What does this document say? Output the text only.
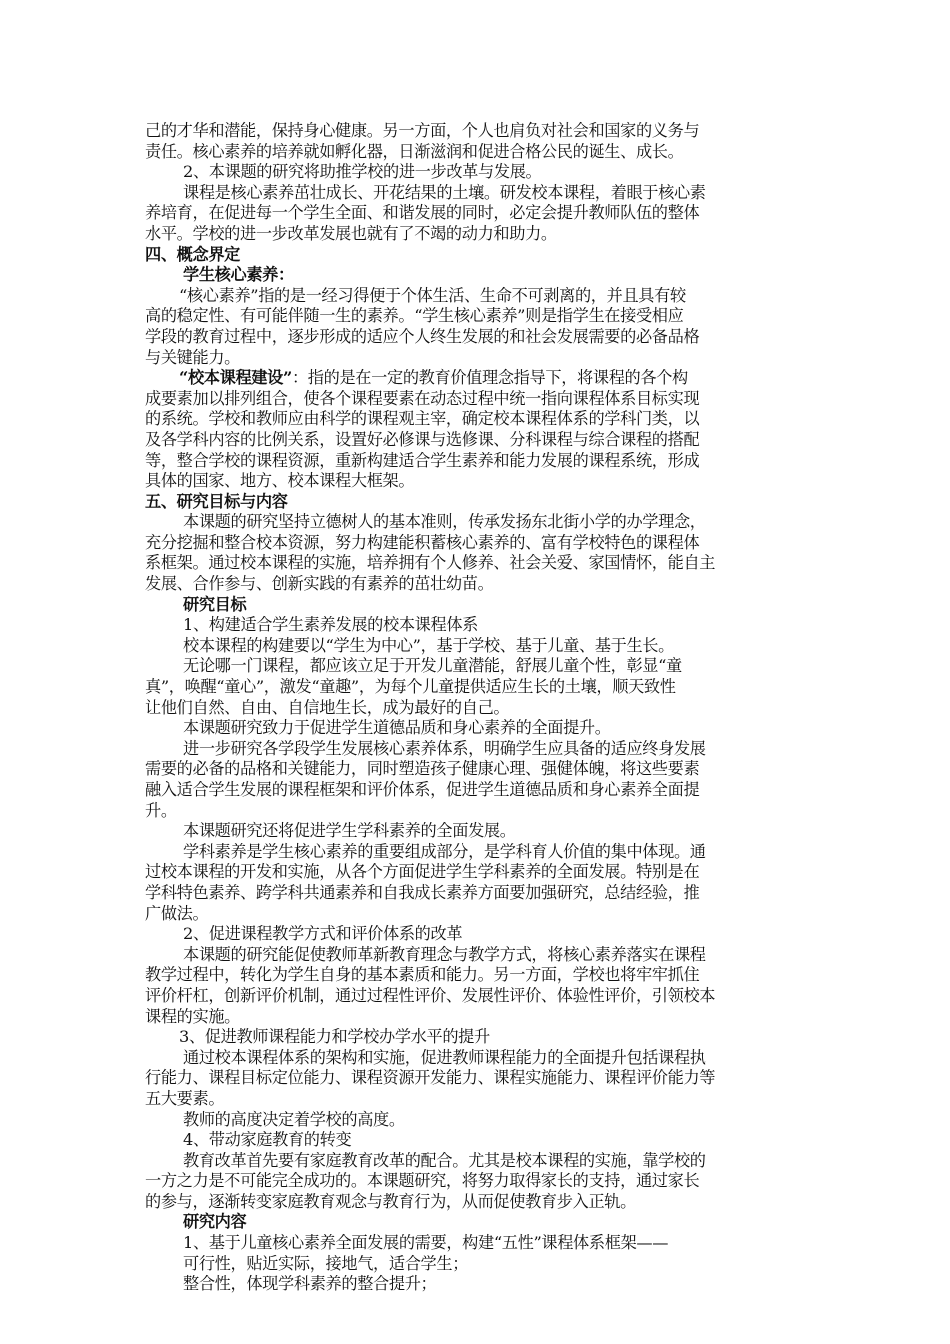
己的才华和潜能，保持身心健康。另一方面，个人也肩负对社会和国家的义务与
责任。核心素养的培养就如孵化器，日渐滋润和促进合格公民的诞生、成长。
2、本课题的研究将助推学校的进一步改革与发展。
课程是核心素养茁壮成长、开花结果的土壤。研发校本课程，着眼于核心素
养培育，在促进每一个学生全面、和谐发展的同时，必定会提升教师队伍的整体
水平。学校的进一步改革发展也就有了不竭的动力和助力。
四、概念界定
学生核心素养：
“核心素养”指的是一经习得便于个体生活、生命不可剥离的，并且具有较
高的稳定性、有可能伴随一生的素养。“学生核心素养”则是指学生在接受相应
学段的教育过程中，逐步形成的适应个人终生发展的和社会发展需要的必备品格
与关键能力。
“校本课程建设”：指的是在一定的教育价值理念指导下，将课程的各个构
成要素加以排列组合，使各个课程要素在动态过程中统一指向课程体系目标实现
的系统。学校和教师应由科学的课程观主宰，确定校本课程体系的学科门类，以
及各学科内容的比例关系，设置好必修课与选修课、分科课程与综合课程的搭配
等，整合学校的课程资源，重新构建适合学生素养和能力发展的课程系统，形成
具体的国家、地方、校本课程大框架。
五、研究目标与内容
本课题的研究坚持立德树人的基本准则，传承发扬东北街小学的办学理念，
充分挖掘和整合校本资源，努力构建能积蓄核心素养的、富有学校特色的课程体
系框架。通过校本课程的实施，培养拥有个人修养、社会关爱、家国情怀，能自主
发展、合作参与、创新实践的有素养的茁壮幼苗。
研究目标
1、构建适合学生素养发展的校本课程体系
校本课程的构建要以“学生为中心”，基于学校、基于儿童、基于生长。
无论哪一门课程，都应该立足于开发儿童潜能，舒展儿童个性，彰显“童
真”，唤醒“童心”，激发“童趣”，为每个儿童提供适应生长的土壤，顺天致性
让他们自然、自由、自信地生长，成为最好的自己。
本课题研究致力于促进学生道德品质和身心素养的全面提升。
进一步研究各学段学生发展核心素养体系，明确学生应具备的适应终身发展
需要的必备的品格和关键能力，同时塑造孩子健康心理、强健体魄，将这些要素
融入适合学生发展的课程框架和评价体系，促进学生道德品质和身心素养全面提
升。
本课题研究还将促进学生学科素养的全面发展。
学科素养是学生核心素养的重要组成部分，是学科育人价值的集中体现。通
过校本课程的开发和实施，从各个方面促进学生学科素养的全面发展。特别是在
学科特色素养、跨学科共通素养和自我成长素养方面要加强研究，总结经验，推
广做法。
2、促进课程教学方式和评价体系的改革
本课题的研究能促使教师革新教育理念与教学方式，将核心素养落实在课程
教学过程中，转化为学生自身的基本素质和能力。另一方面，学校也将牢牢抓住
评价杆杠，创新评价机制，通过过程性评价、发展性评价、体验性评价，引领校本
课程的实施。
3、促进教师课程能力和学校办学水平的提升
通过校本课程体系的架构和实施，促进教师课程能力的全面提升包括课程执
行能力、课程目标定位能力、课程资源开发能力、课程实施能力、课程评价能力等
五大要素。
教师的高度决定着学校的高度。
4、带动家庭教育的转变
教育改革首先要有家庭教育改革的配合。尤其是校本课程的实施，靠学校的
一方之力是不可能完全成功的。本课题研究，将努力取得家长的支持，通过家长
的参与，逐渐转变家庭教育观念与教育行为，从而促使教育步入正轨。
研究内容
1、基于儿童核心素养全面发展的需要，构建“五性”课程体系框架——
可行性，贴近实际，接地气，适合学生；
整合性，体现学科素养的整合提升；
